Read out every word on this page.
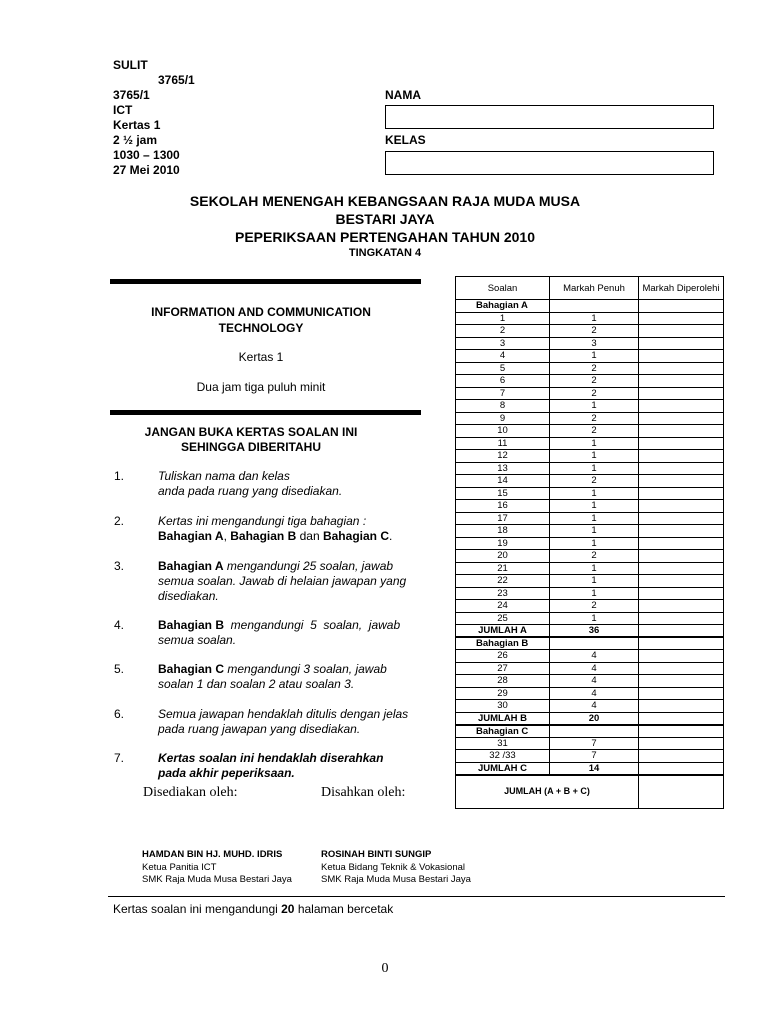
SULIT
3765/1
3765/1
ICT
Kertas 1
2 ½ jam
1030 – 1300
27 Mei 2010
NAMA
KELAS
SEKOLAH MENENGAH KEBANGSAAN RAJA MUDA MUSA
BESTARI JAYA
PEPERIKSAAN PERTENGAHAN TAHUN 2010
TINGKATAN 4
INFORMATION AND COMMUNICATION
TECHNOLOGY
Kertas 1
Dua jam tiga puluh minit
JANGAN BUKA KERTAS SOALAN INI
SEHINGGA DIBERITAHU
1.	Tuliskan nama dan kelas
anda pada ruang yang disediakan.
2.	Kertas ini mengandungi tiga bahagian :
Bahagian A, Bahagian B dan Bahagian C.
3.	Bahagian A mengandungi 25 soalan, jawab
semua soalan. Jawab di helaian jawapan yang
disediakan.
4.	Bahagian B  mengandungi  5  soalan,  jawab
semua soalan.
5.	Bahagian C mengandungi 3 soalan, jawab
soalan 1 dan soalan 2 atau soalan 3.
6.	Semua jawapan hendaklah ditulis dengan jelas
pada ruang jawapan yang disediakan.
7.	Kertas soalan ini hendaklah diserahkan
pada akhir peperiksaan.
Disediakan oleh:	Disahkan oleh:
HAMDAN BIN HJ. MUHD. IDRIS
Ketua Panitia ICT
SMK Raja Muda Musa Bestari Jaya
ROSINAH BINTI SUNGIP
Ketua Bidang Teknik & Vokasional
SMK Raja Muda Musa Bestari Jaya
Kertas soalan ini mengandungi 20 halaman bercetak
0
Soalan	Markah Penuh	Markah Diperolehi
Bahagian A		
1	1	
2	2	
3	3	
4	1	
5	2	
6	2	
7	2	
8	1	
9	2	
10	2	
11	1	
12	1	
13	1	
14	2	
15	1	
16	1	
17	1	
18	1	
19	1	
20	2	
21	1	
22	1	
23	1	
24	2	
25	1	
JUMLAH A	36	
Bahagian B		
26	4	
27	4	
28	4	
29	4	
30	4	
JUMLAH B	20	
Bahagian C		
31	7	
32 /33	7	
JUMLAH C	14	
JUMLAH (A + B + C)		
